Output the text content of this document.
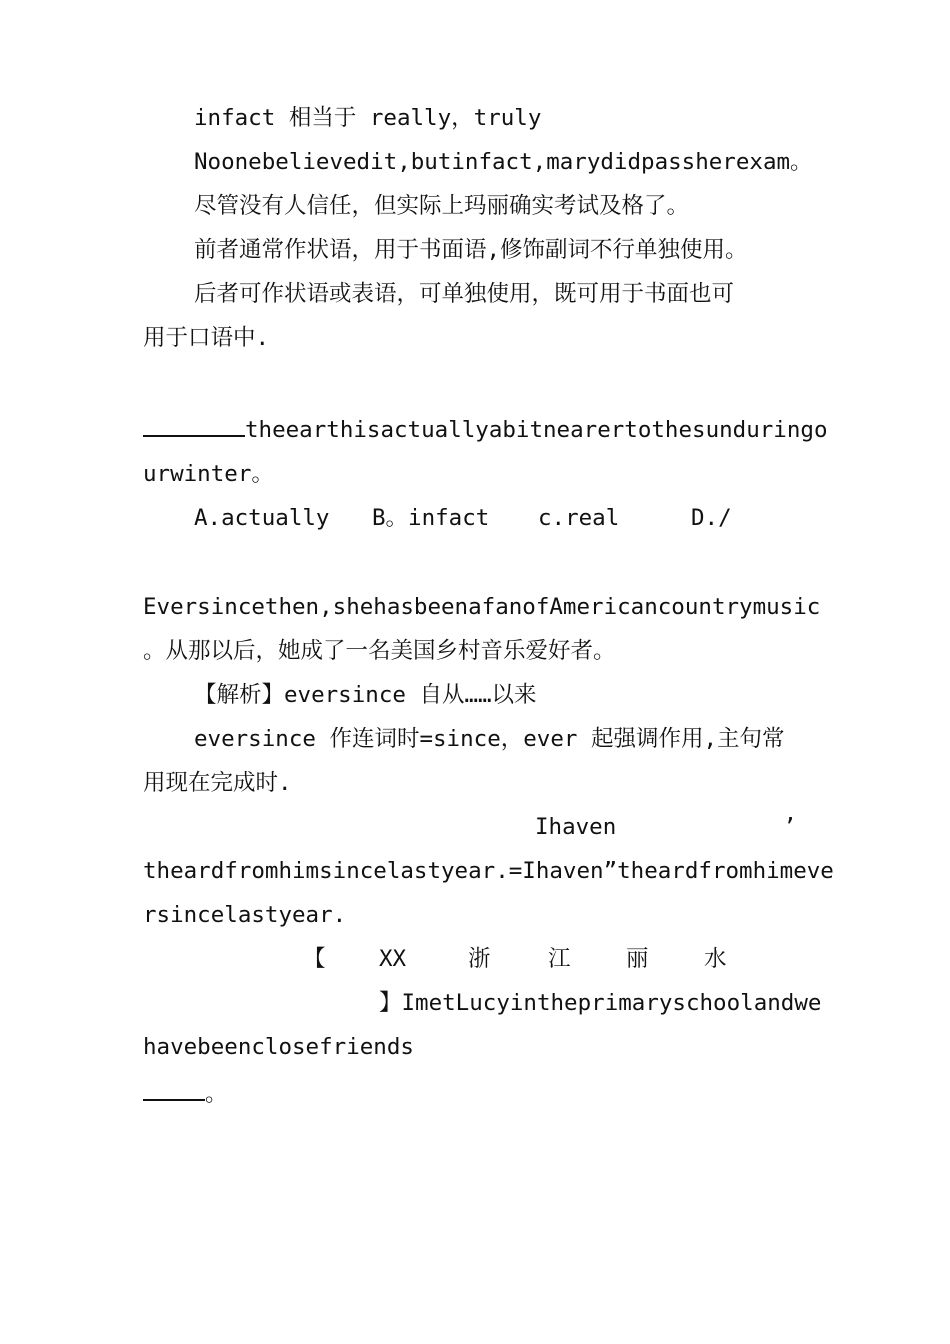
infact 相当于 really，truly

Noonebelievedit,butinfact,marydidpassherexam。

尽管没有人信任，但实际上玛丽确实考试及格了。

前者通常作状语，用于书面语,修饰副词不行单独使用。

后者可作状语或表语，可单独使用，既可用于书面也可

用于口语中.

theearthisactuallyabitnearertothesunduringo

urwinter。

A.actually	B。infact	c.real	D./

Eversincethen,shehasbeenafanofAmericancountrymusic

。从那以后，她成了一名美国乡村音乐爱好者。

【解析】eversince 自从……以来

eversince 作连词时=since，ever 起强调作用,主句常

用现在完成时.

Ihaven	’

theardfromhimsincelastyear.=Ihaven”theardfromhimeve

rsincelastyear.

【 XX	浙	江 丽 水
】ImetLucyintheprimaryschoolandwe

havebeenclosefriends

。
